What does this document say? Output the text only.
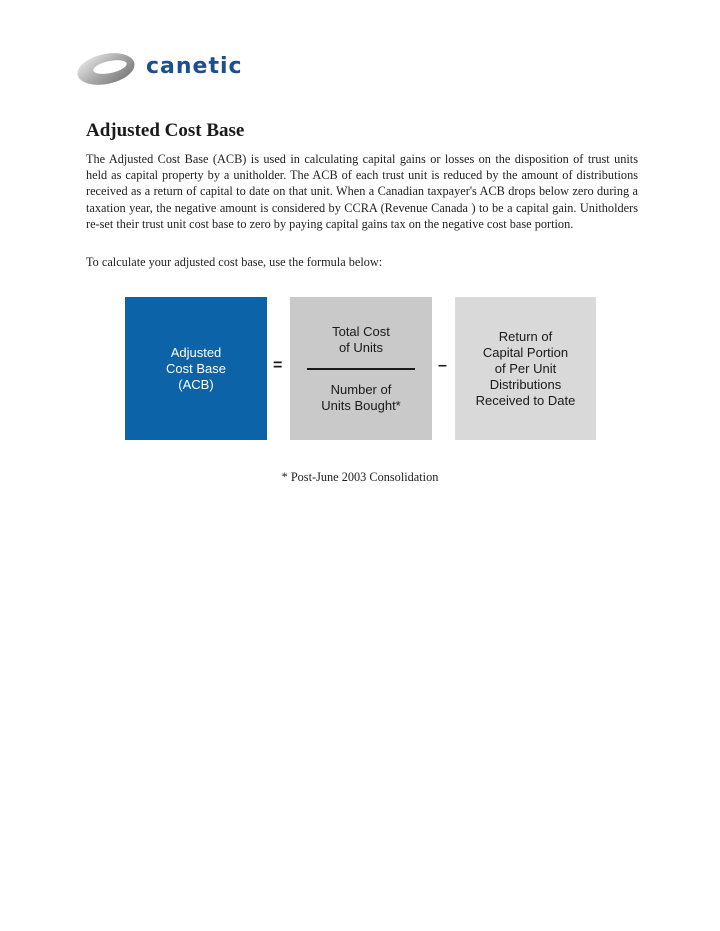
canetic
Adjusted Cost Base

The Adjusted Cost Base (ACB) is used in calculating capital gains or losses on the disposition of trust units held as capital property by a unitholder. The ACB of each trust unit is reduced by the amount of distributions received as a return of capital to date on that unit. When a Canadian taxpayer's ACB drops below zero during a taxation year, the negative amount is considered by CCRA (Revenue Canada ) to be a capital gain. Unitholders re-set their trust unit cost base to zero by paying capital gains tax on the negative cost base portion.

To calculate your adjusted cost base, use the formula below:

Adjusted
Cost Base
(ACB)
=
Total Cost
of Units
Number of
Units Bought*
–
Return of
Capital Portion
of Per Unit
Distributions
Received to Date

* Post-June 2003 Consolidation
